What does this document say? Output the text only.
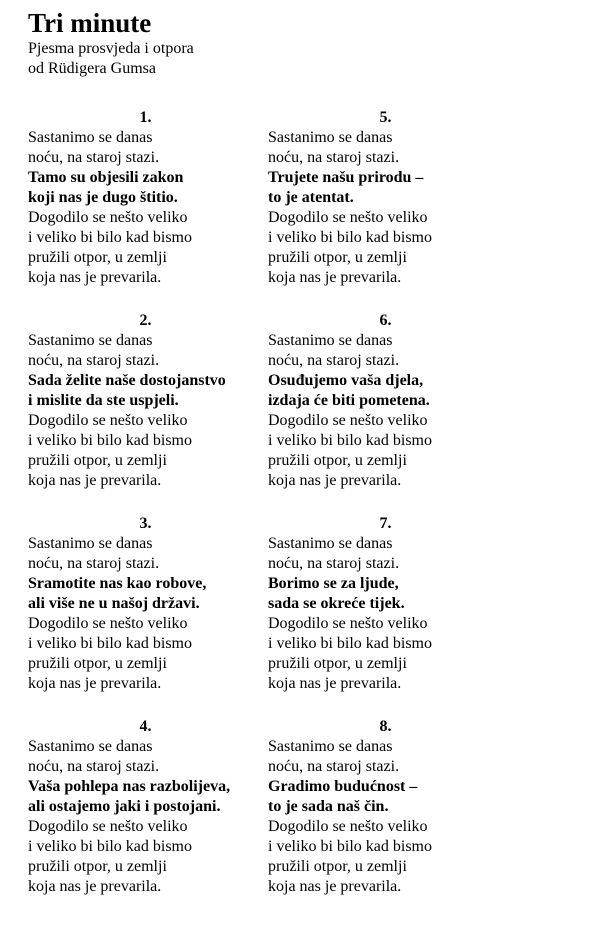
Tri minute
Pjesma prosvjeda i otpora
od Rüdigera Gumsa
1.
Sastanimo se danas
noću, na staroj stazi.
Tamo su objesili zakon
koji nas je dugo štitio.
Dogodilo se nešto veliko
i veliko bi bilo kad bismo
pružili otpor, u zemlji
koja nas je prevarila.
2.
Sastanimo se danas
noću, na staroj stazi.
Sada želite naše dostojanstvo
i mislite da ste uspjeli.
Dogodilo se nešto veliko
i veliko bi bilo kad bismo
pružili otpor, u zemlji
koja nas je prevarila.
3.
Sastanimo se danas
noću, na staroj stazi.
Sramotite nas kao robove,
ali više ne u našoj državi.
Dogodilo se nešto veliko
i veliko bi bilo kad bismo
pružili otpor, u zemlji
koja nas je prevarila.
4.
Sastanimo se danas
noću, na staroj stazi.
Vaša pohlepa nas razbolijeva,
ali ostajemo jaki i postojani.
Dogodilo se nešto veliko
i veliko bi bilo kad bismo
pružili otpor, u zemlji
koja nas je prevarila.
5.
Sastanimo se danas
noću, na staroj stazi.
Trujete našu prirodu –
to je atentat.
Dogodilo se nešto veliko
i veliko bi bilo kad bismo
pružili otpor, u zemlji
koja nas je prevarila.
6.
Sastanimo se danas
noću, na staroj stazi.
Osuđujemo vaša djela,
izdaja će biti pometena.
Dogodilo se nešto veliko
i veliko bi bilo kad bismo
pružili otpor, u zemlji
koja nas je prevarila.
7.
Sastanimo se danas
noću, na staroj stazi.
Borimo se za ljude,
sada se okreće tijek.
Dogodilo se nešto veliko
i veliko bi bilo kad bismo
pružili otpor, u zemlji
koja nas je prevarila.
8.
Sastanimo se danas
noću, na staroj stazi.
Gradimo budućnost –
to je sada naš čin.
Dogodilo se nešto veliko
i veliko bi bilo kad bismo
pružili otpor, u zemlji
koja nas je prevarila.
